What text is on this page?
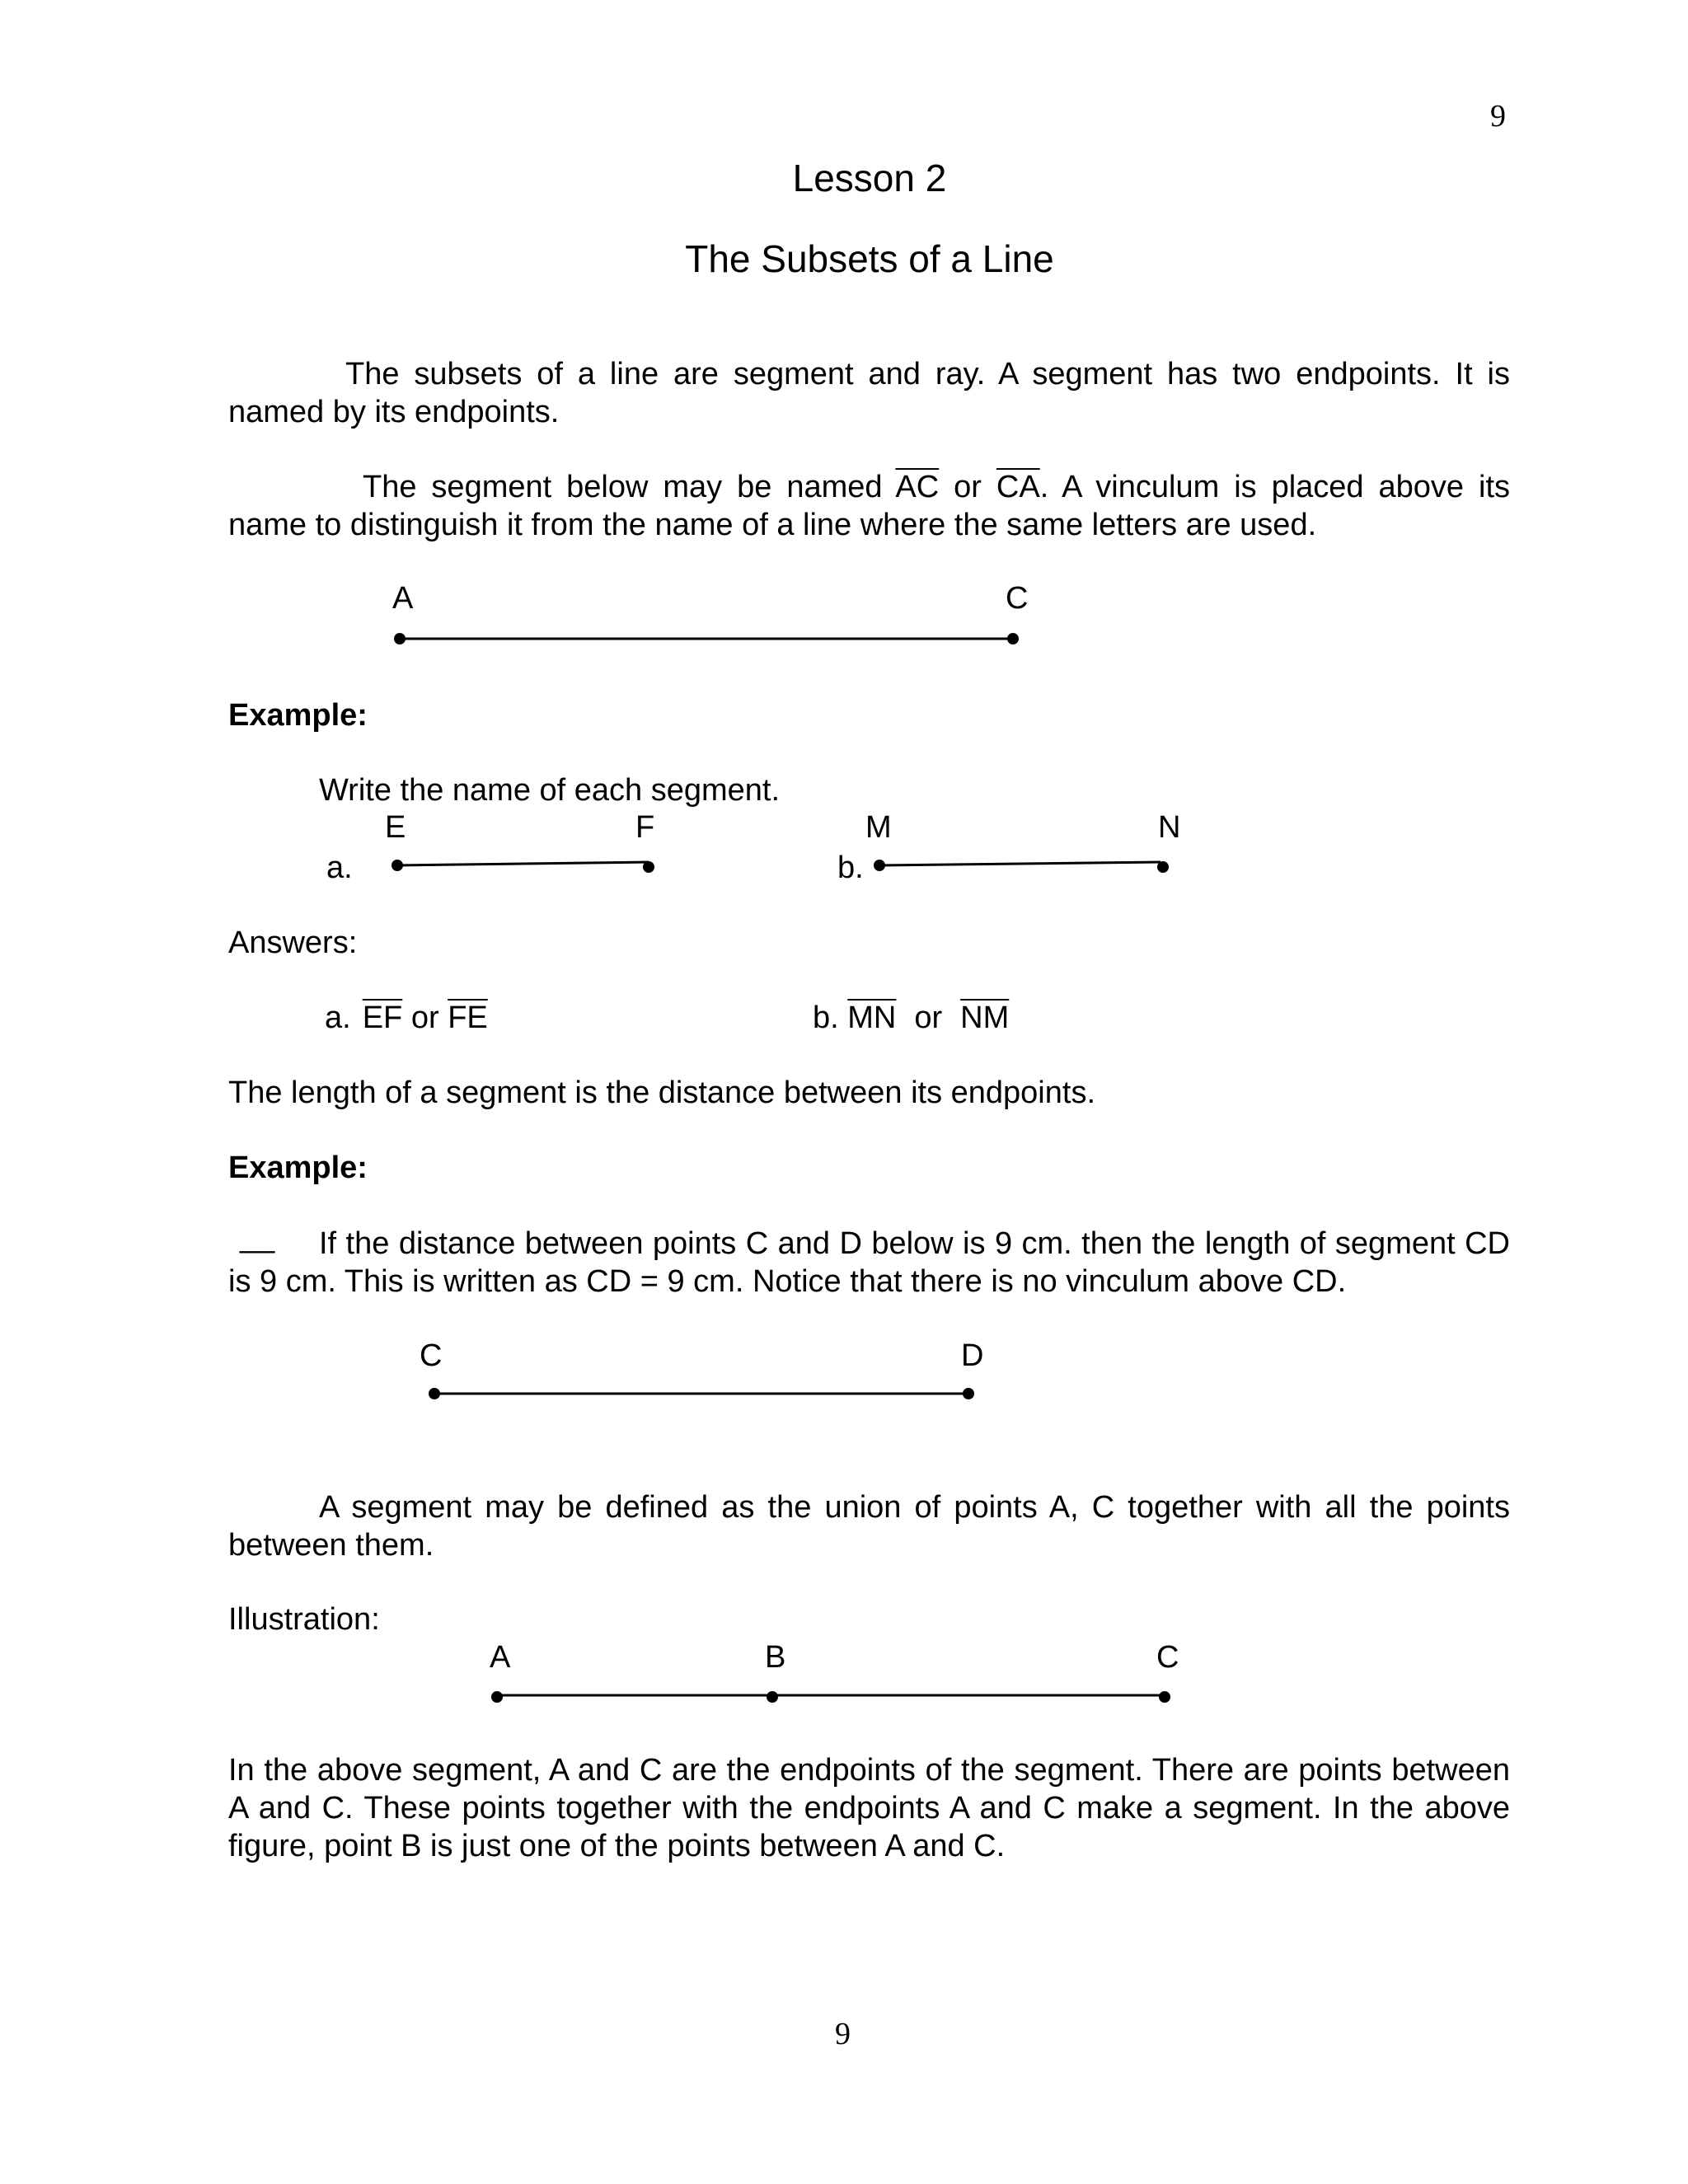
9
9
Lesson 2
The Subsets of a Line
The subsets of a line are segment and ray. A segment has two endpoints. It is named by its endpoints.
The segment below may be named $\overline{AC}$ or $\overline{CA}$. A vinculum is placed above its name to distinguish it from the name of a line where the same letters are used.
A	C
Example:
Write the name of each segment.
E	F	M	N
a.	b.
Answers:
a. $\overline{EF}$ or $\overline{FE}$	b. $\overline{MN}$ or $\overline{NM}$
The length of a segment is the distance between its endpoints.
Example:
__	If the distance between points C and D below is 9 cm. then the length of segment CD is 9 cm. This is written as CD = 9 cm. Notice that there is no vinculum above CD.
C	D
A segment may be defined as the union of points A, C together with all the points between them.
Illustration:
A	B	C
In the above segment, A and C are the endpoints of the segment. There are points between A and C. These points together with the endpoints A and C make a segment. In the above figure, point B is just one of the points between A and C.
